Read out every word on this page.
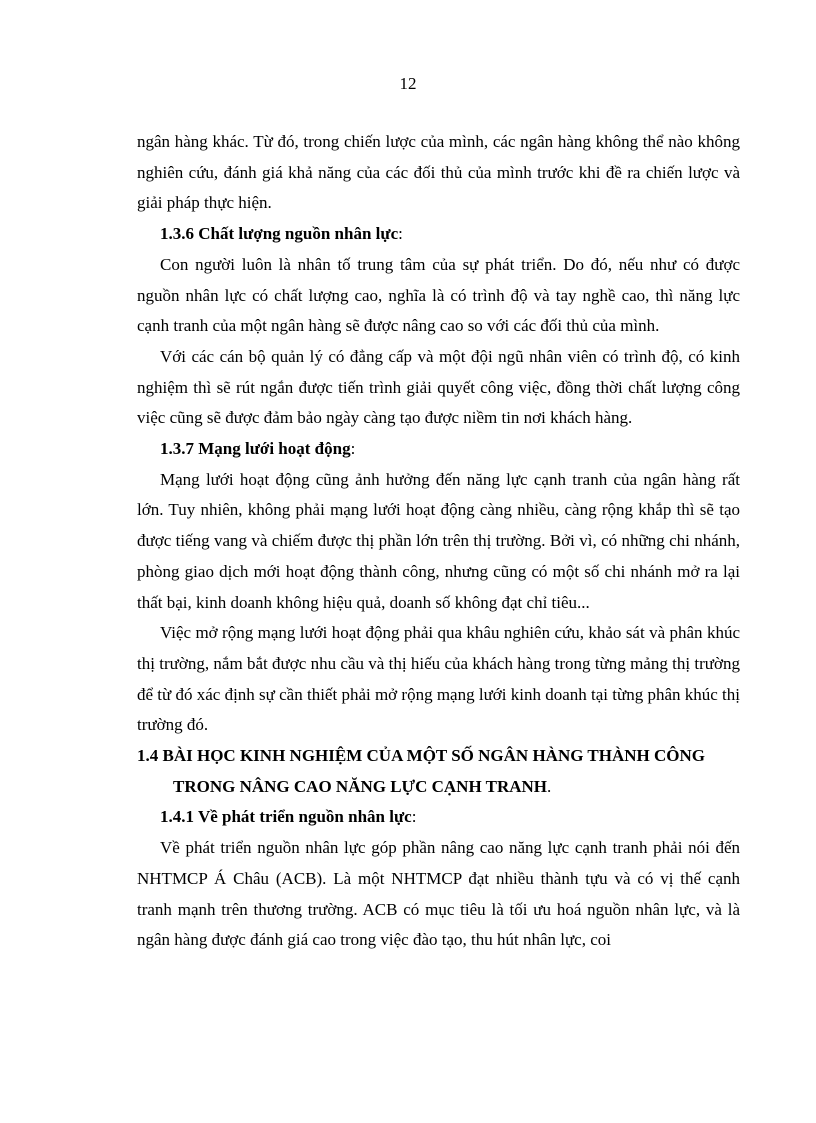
12

ngân hàng khác. Từ đó, trong chiến lược của mình, các ngân hàng không thể nào không nghiên cứu, đánh giá khả năng của các đối thủ của mình trước khi đề ra chiến lược và giải pháp thực hiện.

1.3.6 Chất lượng nguồn nhân lực:

Con người luôn là nhân tố trung tâm của sự phát triển. Do đó, nếu như có được nguồn nhân lực có chất lượng cao, nghĩa là có trình độ và tay nghề cao, thì năng lực cạnh tranh của một ngân hàng sẽ được nâng cao so với các đối thủ của mình.

Với các cán bộ quản lý có đẳng cấp và một đội ngũ nhân viên có trình độ, có kinh nghiệm thì sẽ rút ngắn được tiến trình giải quyết công việc, đồng thời chất lượng công việc cũng sẽ được đảm bảo ngày càng tạo được niềm tin nơi khách hàng.

1.3.7 Mạng lưới hoạt động:

Mạng lưới hoạt động cũng ảnh hưởng đến năng lực cạnh tranh của ngân hàng rất lớn. Tuy nhiên, không phải mạng lưới hoạt động càng nhiều, càng rộng khắp thì sẽ tạo được tiếng vang và chiếm được thị phần lớn trên thị trường. Bởi vì, có những chi nhánh, phòng giao dịch mới hoạt động thành công, nhưng cũng có một số chi nhánh mở ra lại thất bại, kinh doanh không hiệu quả, doanh số không đạt chỉ tiêu...

Việc mở rộng mạng lưới hoạt động phải qua khâu nghiên cứu, khảo sát và phân khúc thị trường, nắm bắt được nhu cầu và thị hiếu của khách hàng trong từng mảng thị trường để từ đó xác định sự cần thiết phải mở rộng mạng lưới kinh doanh tại từng phân khúc thị trường đó.

1.4 BÀI HỌC KINH NGHIỆM CỦA MỘT SỐ NGÂN HÀNG THÀNH CÔNG TRONG NÂNG CAO NĂNG LỰC CẠNH TRANH.

1.4.1 Về phát triển nguồn nhân lực:

Về phát triển nguồn nhân lực góp phần nâng cao năng lực cạnh tranh phải nói đến NHTMCP Á Châu (ACB). Là một NHTMCP đạt nhiều thành tựu và có vị thế cạnh tranh mạnh trên thương trường. ACB có mục tiêu là tối ưu hoá nguồn nhân lực, và là ngân hàng được đánh giá cao trong việc đào tạo, thu hút nhân lực, coi
